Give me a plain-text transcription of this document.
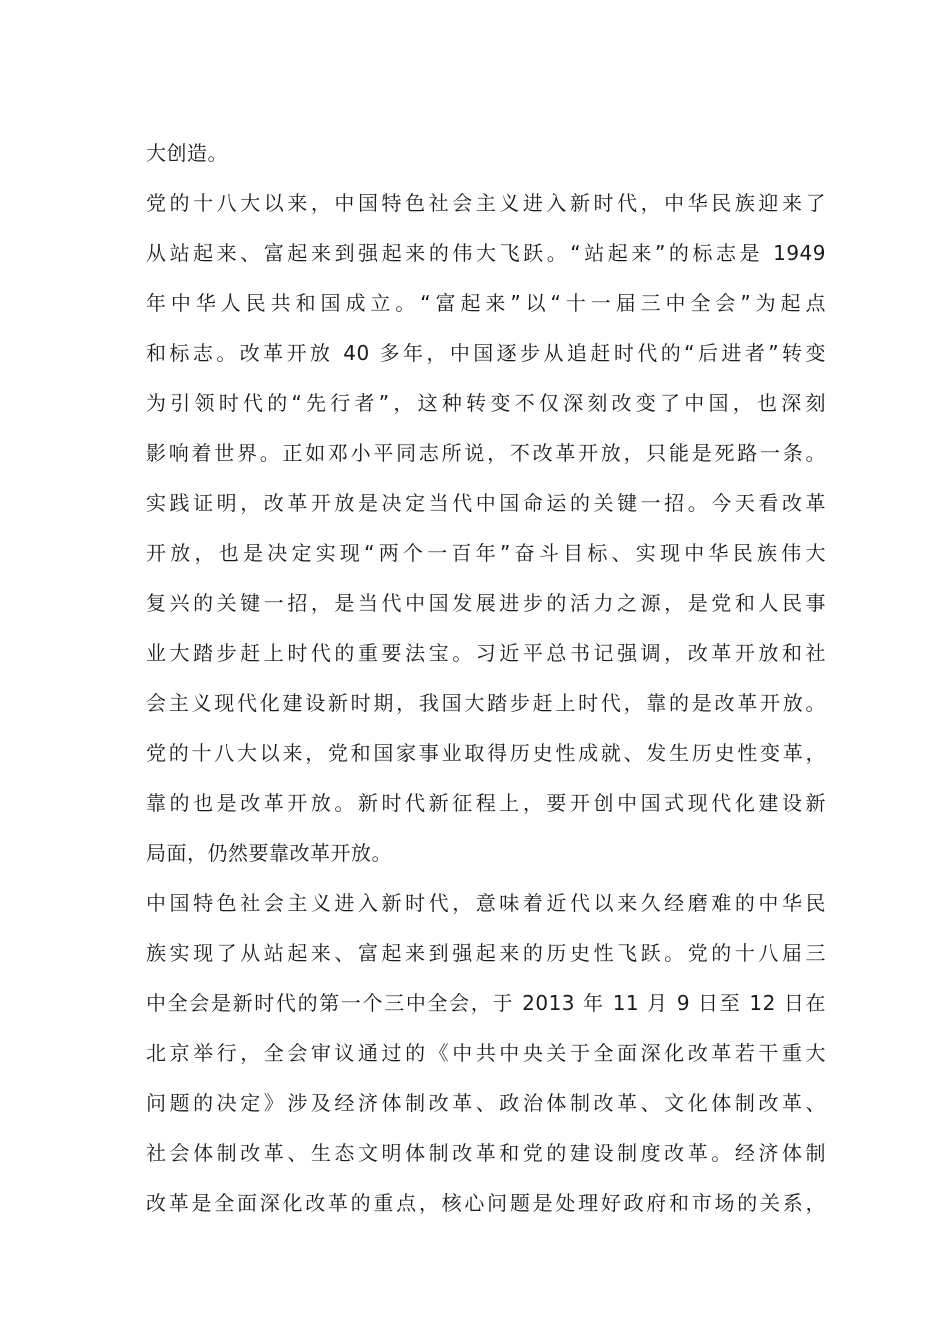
大创造。
党的十八大以来，中国特色社会主义进入新时代，中华民族迎来了
从站起来、富起来到强起来的伟大飞跃。“站起来”的标志是 1949
年中华人民共和国成立。“富起来”以“十一届三中全会”为起点
和标志。改革开放 40 多年，中国逐步从追赶时代的“后进者”转变
为引领时代的“先行者”，这种转变不仅深刻改变了中国，也深刻
影响着世界。正如邓小平同志所说，不改革开放，只能是死路一条。
实践证明，改革开放是决定当代中国命运的关键一招。今天看改革
开放，也是决定实现“两个一百年”奋斗目标、实现中华民族伟大
复兴的关键一招，是当代中国发展进步的活力之源，是党和人民事
业大踏步赶上时代的重要法宝。习近平总书记强调，改革开放和社
会主义现代化建设新时期，我国大踏步赶上时代，靠的是改革开放。
党的十八大以来，党和国家事业取得历史性成就、发生历史性变革，
靠的也是改革开放。新时代新征程上，要开创中国式现代化建设新
局面，仍然要靠改革开放。
中国特色社会主义进入新时代，意味着近代以来久经磨难的中华民
族实现了从站起来、富起来到强起来的历史性飞跃。党的十八届三
中全会是新时代的第一个三中全会，于 2013 年 11 月 9 日至 12 日在
北京举行，全会审议通过的《中共中央关于全面深化改革若干重大
问题的决定》涉及经济体制改革、政治体制改革、文化体制改革、
社会体制改革、生态文明体制改革和党的建设制度改革。经济体制
改革是全面深化改革的重点，核心问题是处理好政府和市场的关系，
